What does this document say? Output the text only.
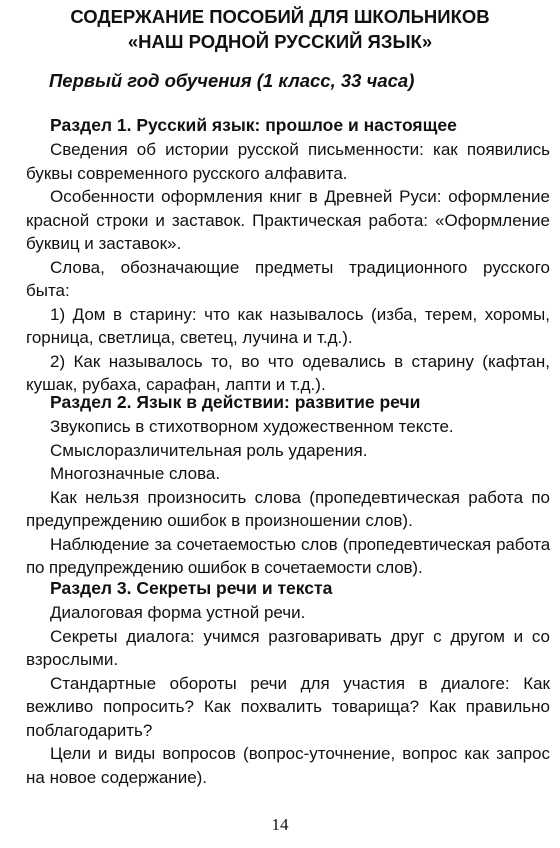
СОДЕРЖАНИЕ ПОСОБИЙ ДЛЯ ШКОЛЬНИКОВ
«НАШ РОДНОЙ РУССКИЙ ЯЗЫК»
Первый год обучения (1 класс, 33 часа)
Раздел 1. Русский язык: прошлое и настоящее

Сведения об истории русской письменности: как появились буквы современного русского алфавита.

Особенности оформления книг в Древней Руси: оформление красной строки и заставок. Практическая работа: «Оформление буквиц и заставок».

Слова, обозначающие предметы традиционного русского быта:

1) Дом в старину: что как называлось (изба, терем, хоромы, горница, светлица, светец, лучина и т.д.).

2) Как называлось то, во что одевались в старину (кафтан, кушак, рубаха, сарафан, лапти и т.д.).

Раздел 2. Язык в действии: развитие речи

Звукопись в стихотворном художественном тексте.

Смыслоразличительная роль ударения.

Многозначные слова.

Как нельзя произносить слова (пропедевтическая работа по предупреждению ошибок в произношении слов).

Наблюдение за сочетаемостью слов (пропедевтическая работа по предупреждению ошибок в сочетаемости слов).

Раздел 3. Секреты речи и текста

Диалоговая форма устной речи.

Секреты диалога: учимся разговаривать друг с другом и со взрослыми.

Стандартные обороты речи для участия в диалоге: Как вежливо попросить? Как похвалить товарища? Как правильно поблагодарить?

Цели и виды вопросов (вопрос-уточнение, вопрос как запрос на новое содержание).

14
